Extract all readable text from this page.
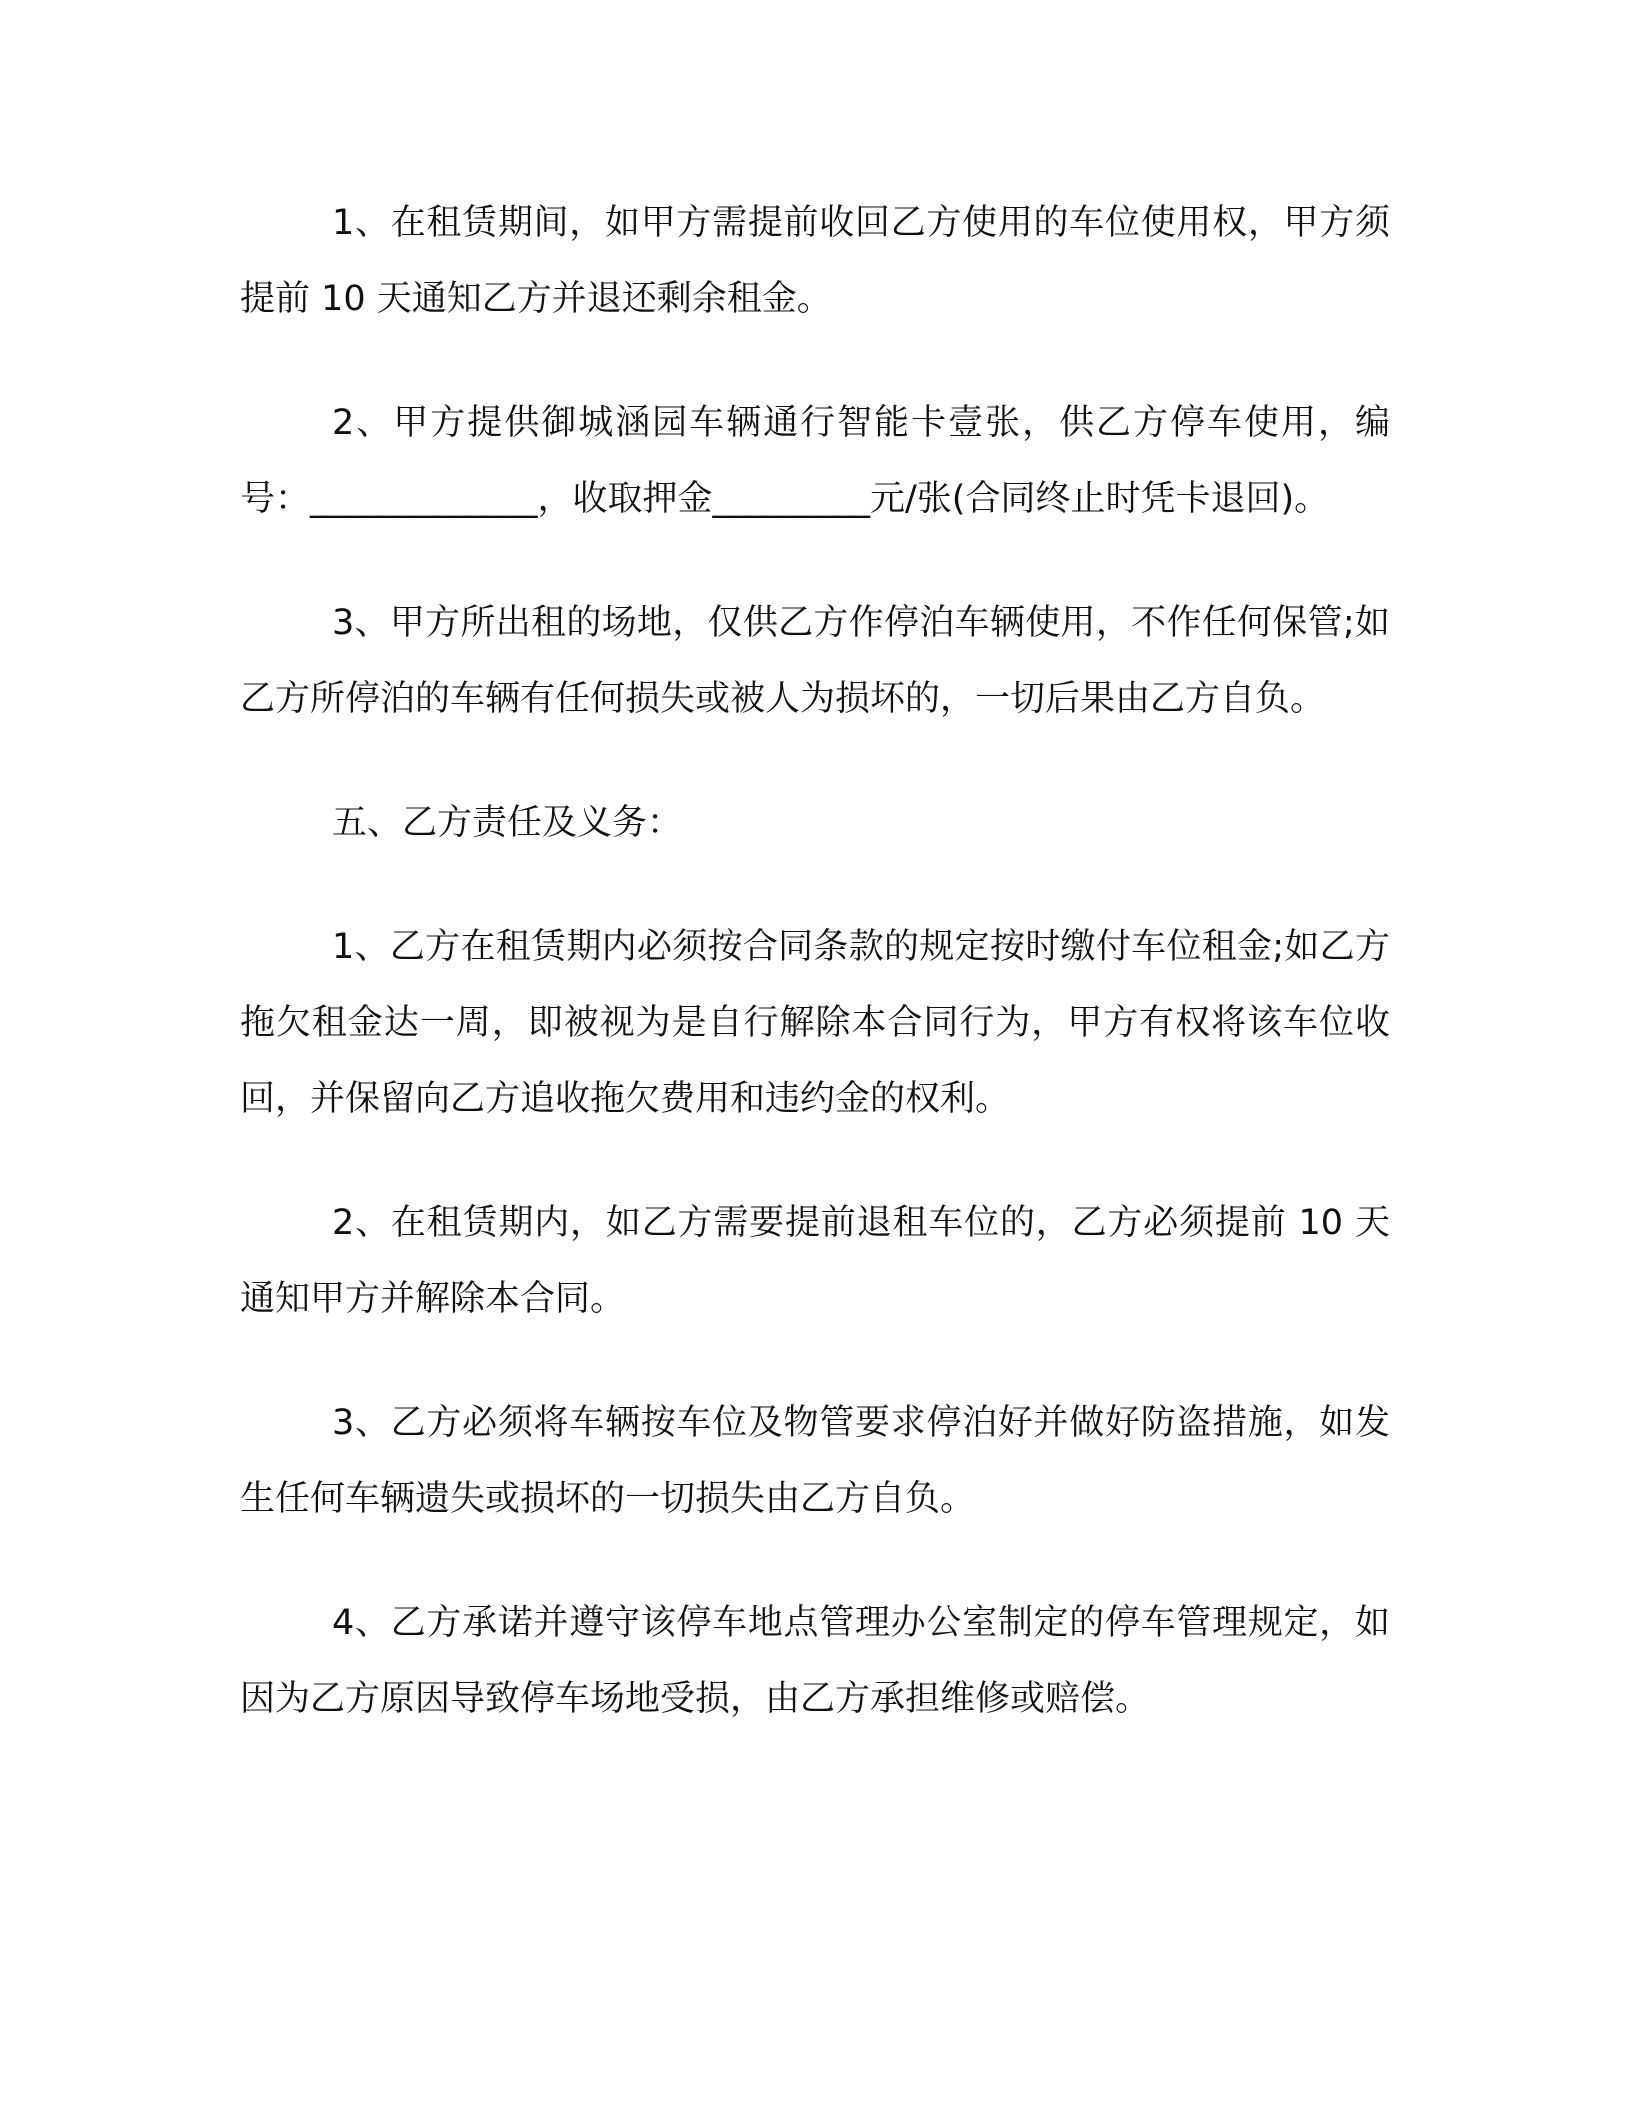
1、在租赁期间，如甲方需提前收回乙方使用的车位使用权，甲方须提前 10 天通知乙方并退还剩余租金。

2、甲方提供御城涵园车辆通行智能卡壹张，供乙方停车使用，编号：_____________，收取押金_________元/张(合同终止时凭卡退回)。

3、甲方所出租的场地，仅供乙方作停泊车辆使用，不作任何保管;如乙方所停泊的车辆有任何损失或被人为损坏的，一切后果由乙方自负。

五、乙方责任及义务：

1、乙方在租赁期内必须按合同条款的规定按时缴付车位租金;如乙方拖欠租金达一周，即被视为是自行解除本合同行为，甲方有权将该车位收回，并保留向乙方追收拖欠费用和违约金的权利。

2、在租赁期内，如乙方需要提前退租车位的，乙方必须提前 10 天通知甲方并解除本合同。

3、乙方必须将车辆按车位及物管要求停泊好并做好防盗措施，如发生任何车辆遗失或损坏的一切损失由乙方自负。

4、乙方承诺并遵守该停车地点管理办公室制定的停车管理规定，如因为乙方原因导致停车场地受损，由乙方承担维修或赔偿。
